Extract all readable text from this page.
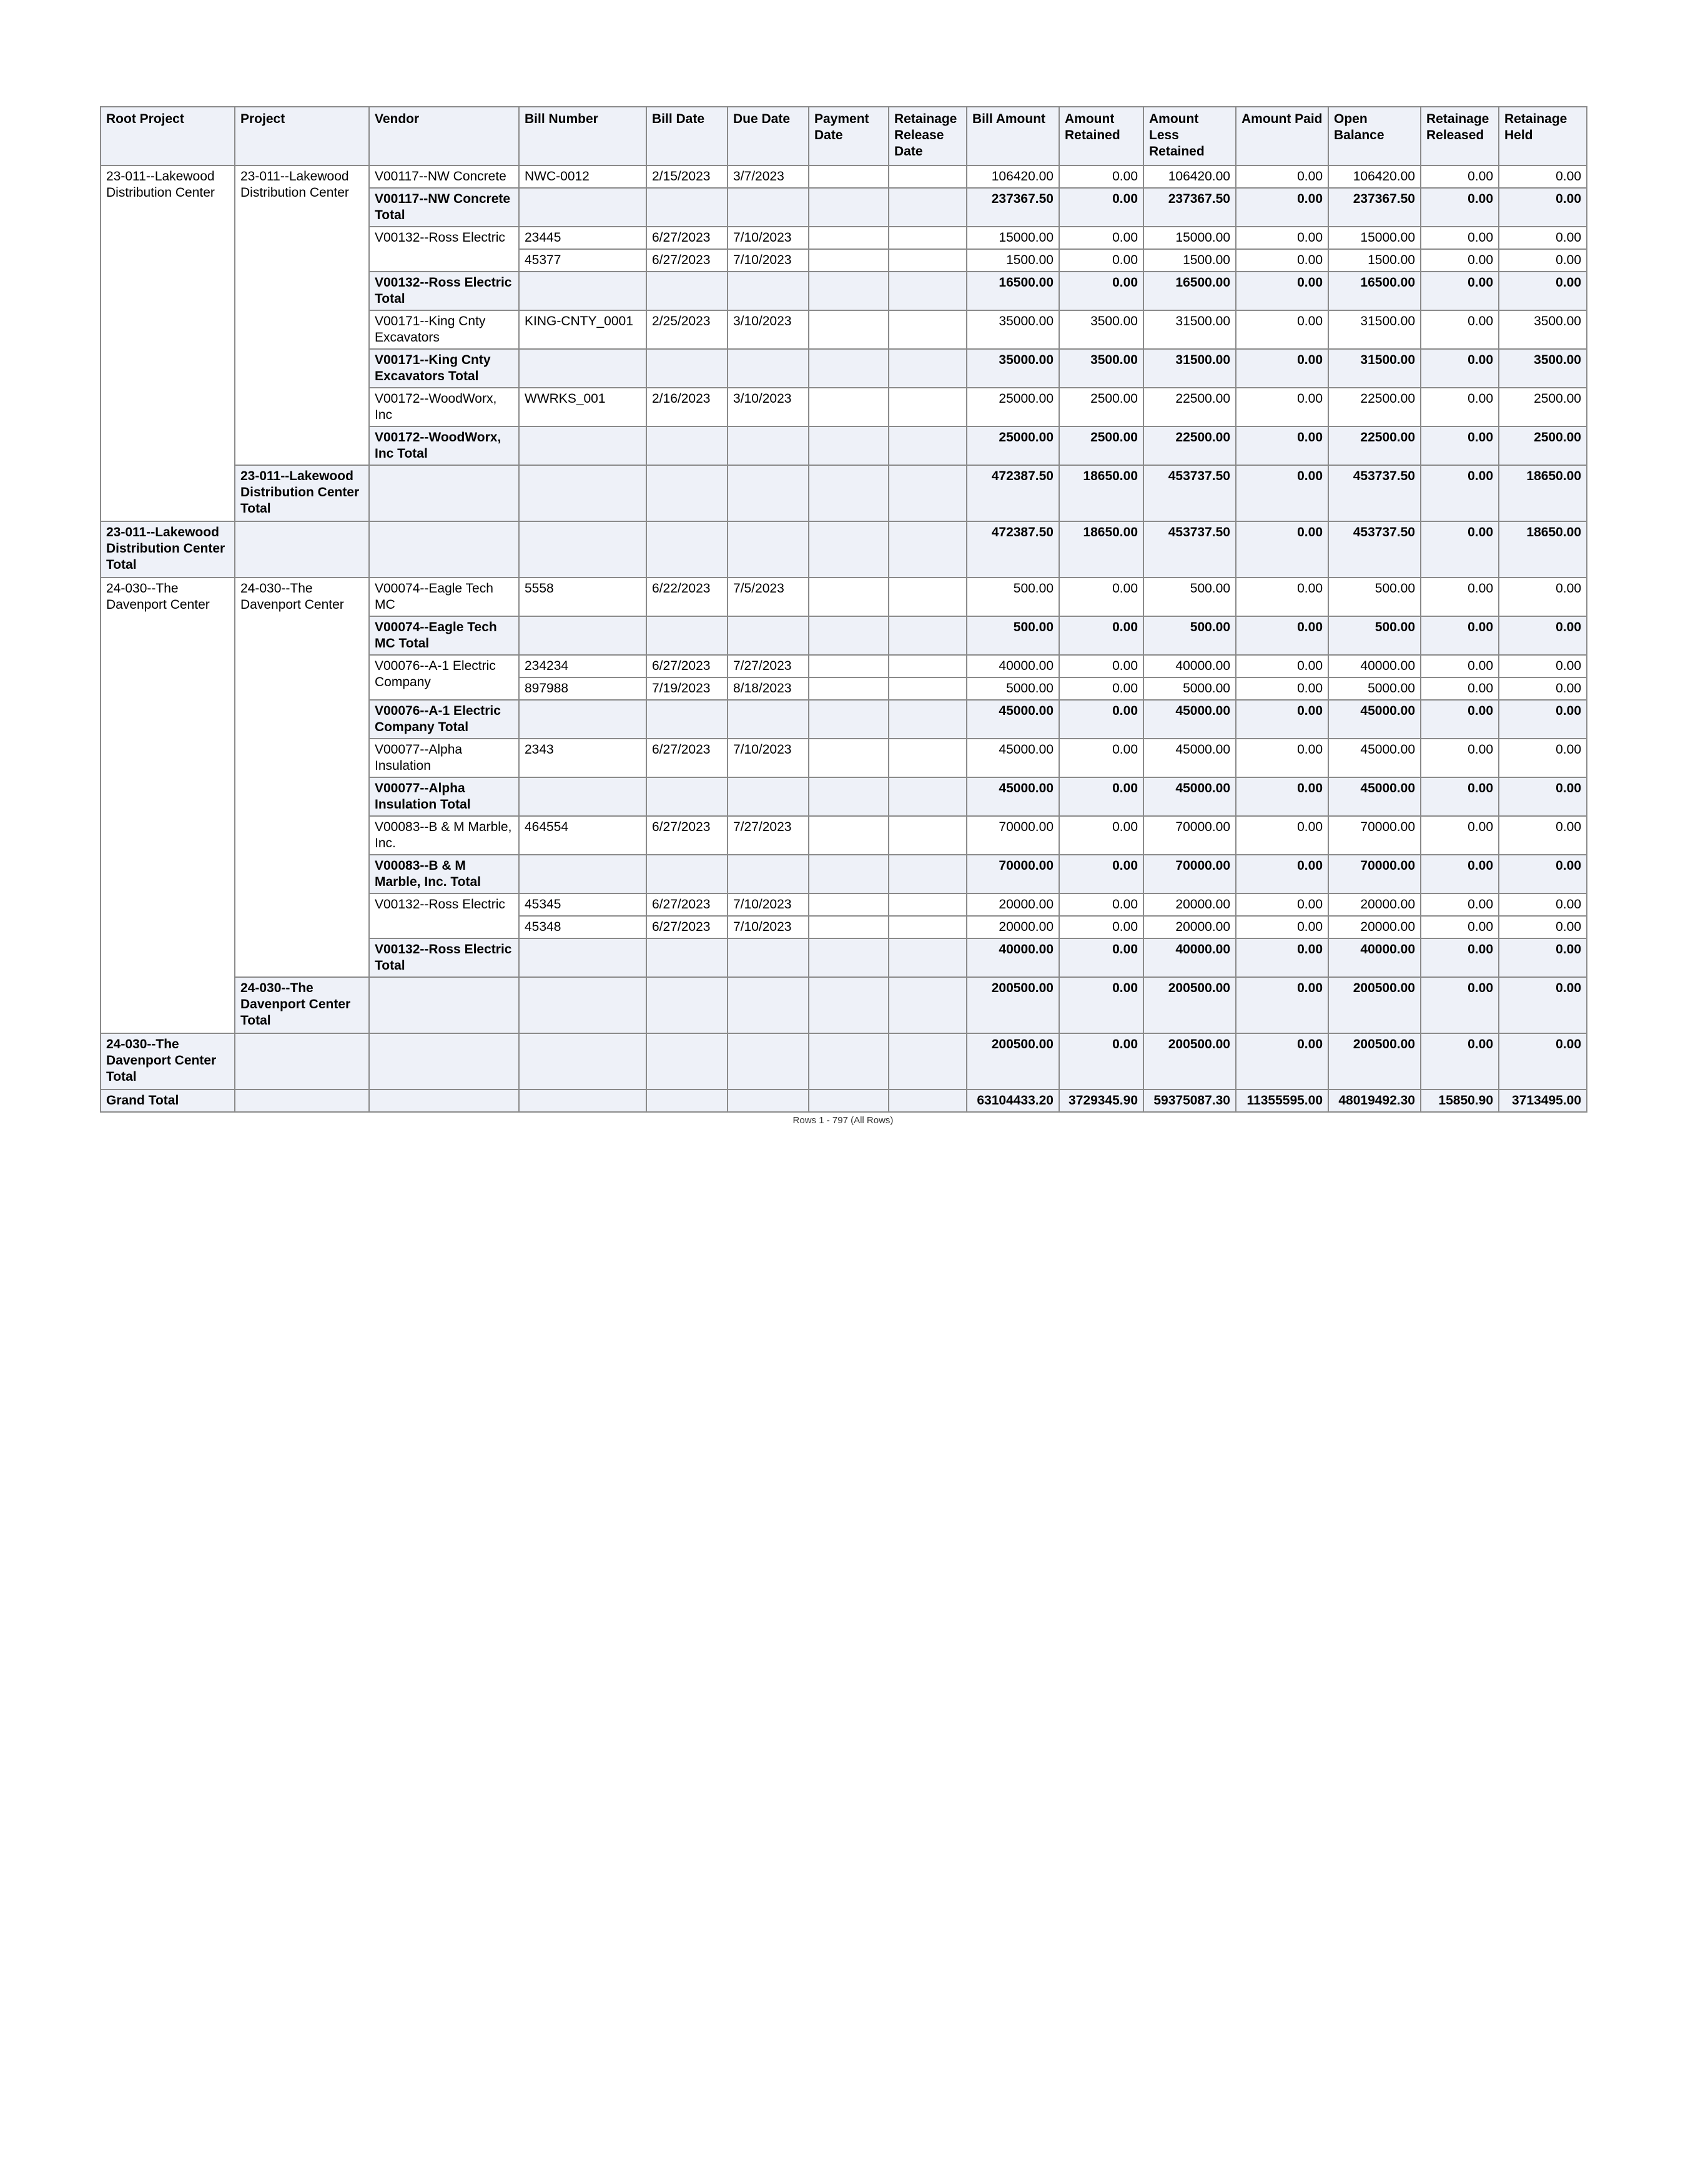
Root Project	Project	Vendor	Bill Number	Bill Date	Due Date	Payment Date	Retainage Release Date	Bill Amount	Amount Retained	Amount Less Retained	Amount Paid	Open Balance	Retainage Released	Retainage Held
23-011--Lakewood Distribution Center	23-011--Lakewood Distribution Center	V00117--NW Concrete	NWC-0012	2/15/2023	3/7/2023			106420.00	0.00	106420.00	0.00	106420.00	0.00	0.00
		V00117--NW Concrete Total						237367.50	0.00	237367.50	0.00	237367.50	0.00	0.00
		V00132--Ross Electric	23445	6/27/2023	7/10/2023			15000.00	0.00	15000.00	0.00	15000.00	0.00	0.00
			45377	6/27/2023	7/10/2023			1500.00	0.00	1500.00	0.00	1500.00	0.00	0.00
		V00132--Ross Electric Total						16500.00	0.00	16500.00	0.00	16500.00	0.00	0.00
		V00171--King Cnty Excavators	KING-CNTY_0001	2/25/2023	3/10/2023			35000.00	3500.00	31500.00	0.00	31500.00	0.00	3500.00
		V00171--King Cnty Excavators Total						35000.00	3500.00	31500.00	0.00	31500.00	0.00	3500.00
		V00172--WoodWorx, Inc	WWRKS_001	2/16/2023	3/10/2023			25000.00	2500.00	22500.00	0.00	22500.00	0.00	2500.00
		V00172--WoodWorx, Inc Total						25000.00	2500.00	22500.00	0.00	22500.00	0.00	2500.00
	23-011--Lakewood Distribution Center Total							472387.50	18650.00	453737.50	0.00	453737.50	0.00	18650.00
23-011--Lakewood Distribution Center Total								472387.50	18650.00	453737.50	0.00	453737.50	0.00	18650.00
24-030--The Davenport Center	24-030--The Davenport Center	V00074--Eagle Tech MC	5558	6/22/2023	7/5/2023			500.00	0.00	500.00	0.00	500.00	0.00	0.00
		V00074--Eagle Tech MC Total						500.00	0.00	500.00	0.00	500.00	0.00	0.00
		V00076--A-1 Electric Company	234234	6/27/2023	7/27/2023			40000.00	0.00	40000.00	0.00	40000.00	0.00	0.00
			897988	7/19/2023	8/18/2023			5000.00	0.00	5000.00	0.00	5000.00	0.00	0.00
		V00076--A-1 Electric Company Total						45000.00	0.00	45000.00	0.00	45000.00	0.00	0.00
		V00077--Alpha Insulation	2343	6/27/2023	7/10/2023			45000.00	0.00	45000.00	0.00	45000.00	0.00	0.00
		V00077--Alpha Insulation Total						45000.00	0.00	45000.00	0.00	45000.00	0.00	0.00
		V00083--B & M Marble, Inc.	464554	6/27/2023	7/27/2023			70000.00	0.00	70000.00	0.00	70000.00	0.00	0.00
		V00083--B & M Marble, Inc. Total						70000.00	0.00	70000.00	0.00	70000.00	0.00	0.00
		V00132--Ross Electric	45345	6/27/2023	7/10/2023			20000.00	0.00	20000.00	0.00	20000.00	0.00	0.00
			45348	6/27/2023	7/10/2023			20000.00	0.00	20000.00	0.00	20000.00	0.00	0.00
		V00132--Ross Electric Total						40000.00	0.00	40000.00	0.00	40000.00	0.00	0.00
	24-030--The Davenport Center Total							200500.00	0.00	200500.00	0.00	200500.00	0.00	0.00
24-030--The Davenport Center Total								200500.00	0.00	200500.00	0.00	200500.00	0.00	0.00
Grand Total								63104433.20	3729345.90	59375087.30	11355595.00	48019492.30	15850.90	3713495.00
Rows 1 - 797 (All Rows)
